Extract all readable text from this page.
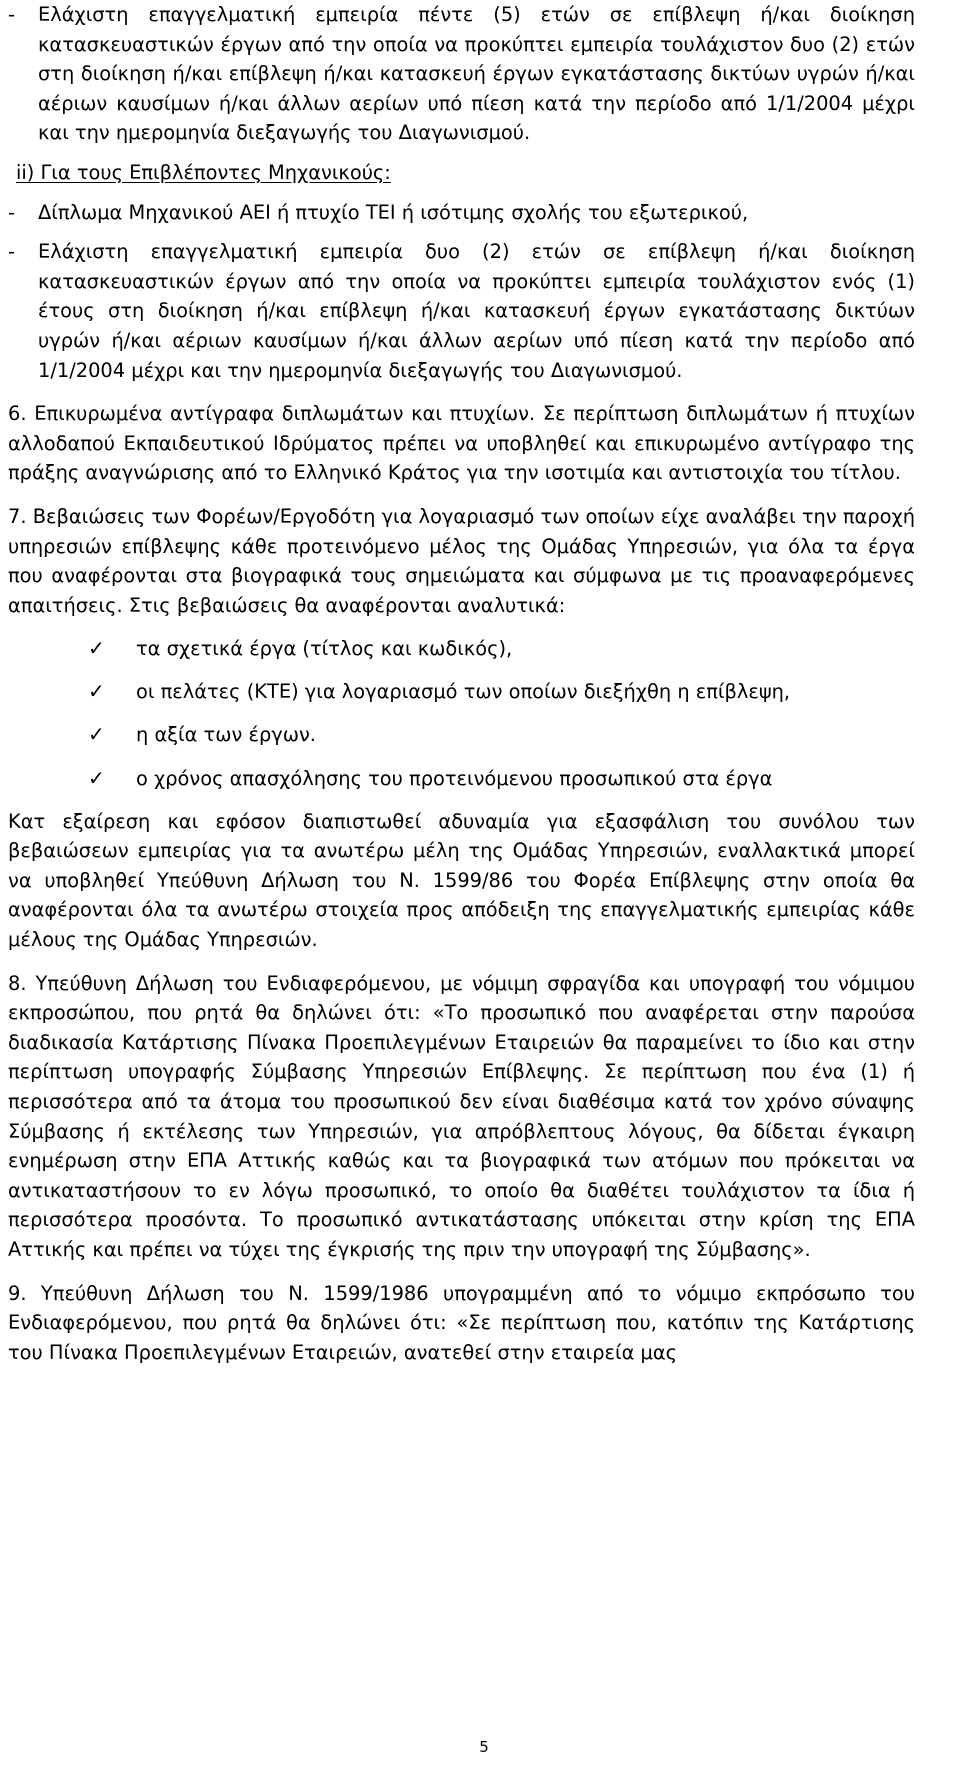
-	Ελάχιστη επαγγελματική εμπειρία πέντε (5) ετών σε επίβλεψη ή/και διοίκηση κατασκευαστικών έργων από την οποία να προκύπτει εμπειρία τουλάχιστον δυο (2) ετών στη διοίκηση ή/και επίβλεψη ή/και κατασκευή έργων εγκατάστασης δικτύων υγρών ή/και αέριων καυσίμων ή/και άλλων αερίων υπό πίεση κατά την περίοδο από 1/1/2004 μέχρι και την ημερομηνία διεξαγωγής του Διαγωνισμού.

ii) Για τους Επιβλέποντες Μηχανικούς:

-	Δίπλωμα Μηχανικού ΑΕΙ ή πτυχίο ΤΕΙ ή ισότιμης σχολής του εξωτερικού,
-	Ελάχιστη επαγγελματική εμπειρία δυο (2) ετών σε επίβλεψη ή/και διοίκηση κατασκευαστικών έργων από την οποία να προκύπτει εμπειρία τουλάχιστον ενός (1) έτους στη διοίκηση ή/και επίβλεψη ή/και κατασκευή έργων εγκατάστασης δικτύων υγρών ή/και αέριων καυσίμων ή/και άλλων αερίων υπό πίεση κατά την περίοδο από 1/1/2004 μέχρι και την ημερομηνία διεξαγωγής του Διαγωνισμού.

6. Επικυρωμένα αντίγραφα διπλωμάτων και πτυχίων. Σε περίπτωση διπλωμάτων ή πτυχίων αλλοδαπού Εκπαιδευτικού Ιδρύματος πρέπει να υποβληθεί και επικυρωμένο αντίγραφο της πράξης αναγνώρισης από το Ελληνικό Κράτος για την ισοτιμία και αντιστοιχία του τίτλου.

7. Βεβαιώσεις των Φορέων/Εργοδότη για λογαριασμό των οποίων είχε αναλάβει την παροχή υπηρεσιών επίβλεψης κάθε προτεινόμενο μέλος της Ομάδας Υπηρεσιών, για όλα τα έργα που αναφέρονται στα βιογραφικά τους σημειώματα και σύμφωνα με τις προαναφερόμενες απαιτήσεις. Στις βεβαιώσεις θα αναφέρονται αναλυτικά:

✓	τα σχετικά έργα (τίτλος και κωδικός),
✓	οι πελάτες (ΚΤΕ) για λογαριασμό των οποίων διεξήχθη η επίβλεψη,
✓	η αξία των έργων.
✓	ο χρόνος απασχόλησης του προτεινόμενου προσωπικού στα έργα

Κατ εξαίρεση και εφόσον διαπιστωθεί αδυναμία για εξασφάλιση του συνόλου των βεβαιώσεων εμπειρίας για τα ανωτέρω μέλη της Ομάδας Υπηρεσιών, εναλλακτικά μπορεί να υποβληθεί Υπεύθυνη Δήλωση του Ν. 1599/86 του Φορέα Επίβλεψης στην οποία θα αναφέρονται όλα τα ανωτέρω στοιχεία προς απόδειξη της επαγγελματικής εμπειρίας κάθε μέλους της Ομάδας Υπηρεσιών.

8. Υπεύθυνη Δήλωση του Ενδιαφερόμενου, με νόμιμη σφραγίδα και υπογραφή του νόμιμου εκπροσώπου, που ρητά θα δηλώνει ότι: «Το προσωπικό που αναφέρεται στην παρούσα διαδικασία Κατάρτισης Πίνακα Προεπιλεγμένων Εταιρειών θα παραμείνει το ίδιο και στην περίπτωση υπογραφής Σύμβασης Υπηρεσιών Επίβλεψης. Σε περίπτωση που ένα (1) ή περισσότερα από τα άτομα του προσωπικού δεν είναι διαθέσιμα κατά τον χρόνο σύναψης Σύμβασης ή εκτέλεσης των Υπηρεσιών, για απρόβλεπτους λόγους, θα δίδεται έγκαιρη ενημέρωση στην ΕΠΑ Αττικής καθώς και τα βιογραφικά των ατόμων που πρόκειται να αντικαταστήσουν το εν λόγω προσωπικό, το οποίο θα διαθέτει τουλάχιστον τα ίδια ή περισσότερα προσόντα. Το προσωπικό αντικατάστασης υπόκειται στην κρίση της ΕΠΑ Αττικής και πρέπει να τύχει της έγκρισής της πριν την υπογραφή της Σύμβασης».

9. Υπεύθυνη Δήλωση του Ν. 1599/1986 υπογραμμένη από το νόμιμο εκπρόσωπο του Ενδιαφερόμενου, που ρητά θα δηλώνει ότι: «Σε περίπτωση που, κατόπιν της Κατάρτισης του Πίνακα Προεπιλεγμένων Εταιρειών, ανατεθεί στην εταιρεία μας

5
